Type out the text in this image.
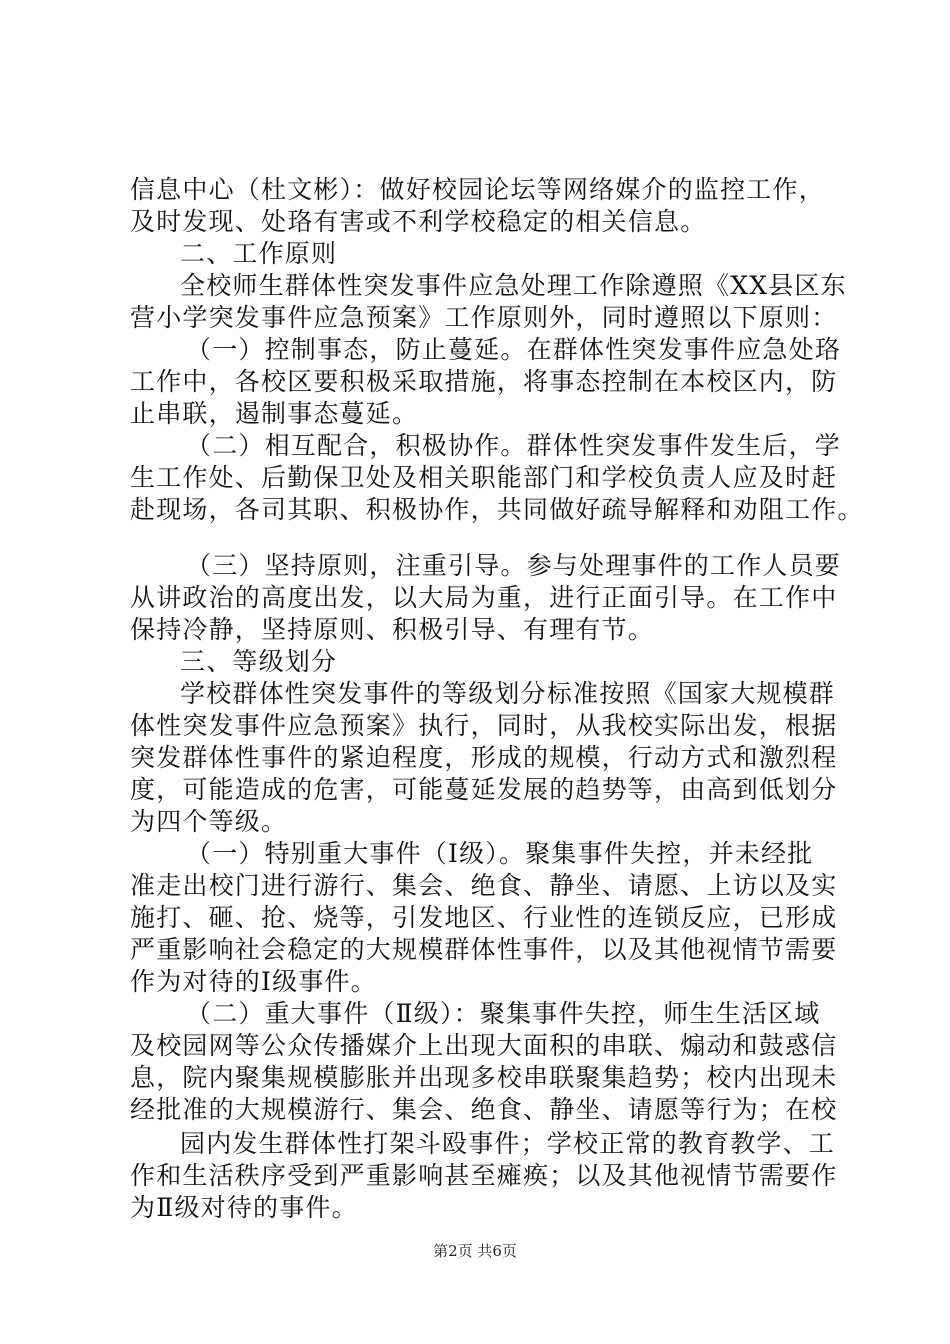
信息中心（杜文彬）：做好校园论坛等网络媒介的监控工作，
及时发现、处珞有害或不利学校稳定的相关信息。
二、工作原则
全校师生群体性突发事件应急处理工作除遵照《XX县区东
营小学突发事件应急预案》工作原则外，同时遵照以下原则：
（一）控制事态，防止蔓延。在群体性突发事件应急处珞
工作中，各校区要积极采取措施，将事态控制在本校区内，防
止串联，遏制事态蔓延。
（二）相互配合，积极协作。群体性突发事件发生后，学
生工作处、后勤保卫处及相关职能部门和学校负责人应及时赶
赴现场，各司其职、积极协作，共同做好疏导解释和劝阻工作。
（三）坚持原则，注重引导。参与处理事件的工作人员要
从讲政治的高度出发，以大局为重，进行正面引导。在工作中
保持冷静，坚持原则、积极引导、有理有节。
三、等级划分
学校群体性突发事件的等级划分标准按照《国家大规模群
体性突发事件应急预案》执行，同时，从我校实际出发，根据
突发群体性事件的紧迫程度，形成的规模，行动方式和激烈程
度，可能造成的危害，可能蔓延发展的趋势等，由高到低划分
为四个等级。
（一）特别重大事件（Ⅰ级）。聚集事件失控，并未经批
准走出校门进行游行、集会、绝食、静坐、请愿、上访以及实
施打、砸、抢、烧等，引发地区、行业性的连锁反应，已形成
严重影响社会稳定的大规模群体性事件，以及其他视情节需要
作为对待的Ⅰ级事件。
（二）重大事件（Ⅱ级）：聚集事件失控，师生生活区域
及校园网等公众传播媒介上出现大面积的串联、煽动和鼓惑信
息，院内聚集规模膨胀并出现多校串联聚集趋势；校内出现未
经批准的大规模游行、集会、绝食、静坐、请愿等行为；在校
园内发生群体性打架斗殴事件；学校正常的教育教学、工
作和生活秩序受到严重影响甚至瘫痪；以及其他视情节需要作
为Ⅱ级对待的事件。
第2页 共6页
